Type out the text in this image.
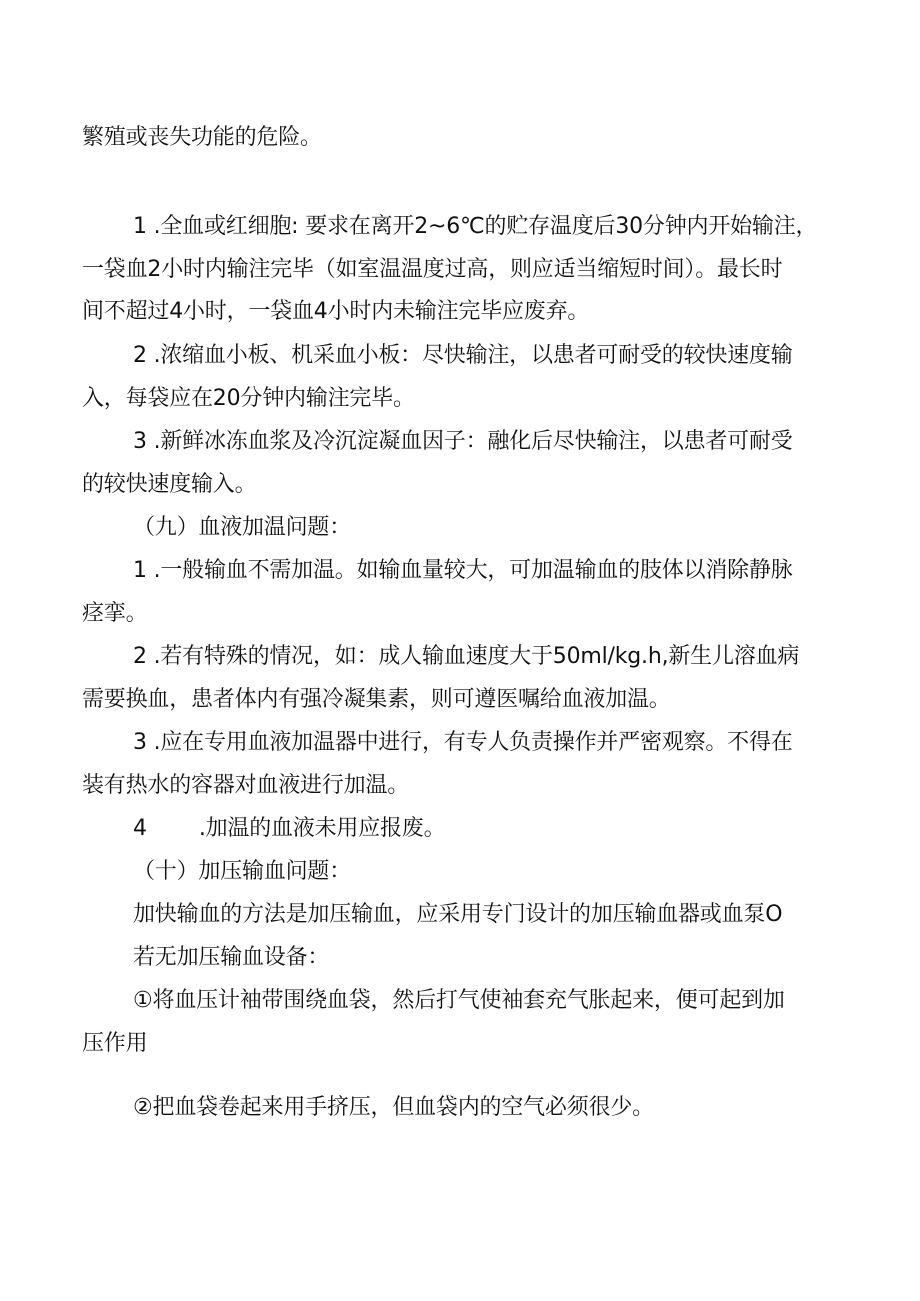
繁殖或丧失功能的危险。
1 .全血或红细胞: 要求在离开2~6℃的贮存温度后30分钟内开始输注，
一袋血2小时内输注完毕（如室温温度过高，则应适当缩短时间）。最长时
间不超过4小时，一袋血4小时内未输注完毕应废弃。
2 .浓缩血小板、机采血小板：尽快输注，以患者可耐受的较快速度输
入，每袋应在20分钟内输注完毕。
3 .新鲜冰冻血浆及冷沉淀凝血因子：融化后尽快输注，以患者可耐受
的较快速度输入。
（九）血液加温问题：
1 .一般输血不需加温。如输血量较大，可加温输血的肢体以消除静脉
痉挛。
2 .若有特殊的情况，如：成人输血速度大于50ml/kg.h,新生儿溶血病
需要换血，患者体内有强冷凝集素，则可遵医嘱给血液加温。
3 .应在专用血液加温器中进行，有专人负责操作并严密观察。不得在
装有热水的容器对血液进行加温。
4 .加温的血液未用应报废。
（十）加压输血问题：
加快输血的方法是加压输血，应采用专门设计的加压输血器或血泵O
若无加压输血设备：
①将血压计袖带围绕血袋，然后打气使袖套充气胀起来，便可起到加
压作用
②把血袋卷起来用手挤压，但血袋内的空气必须很少。
